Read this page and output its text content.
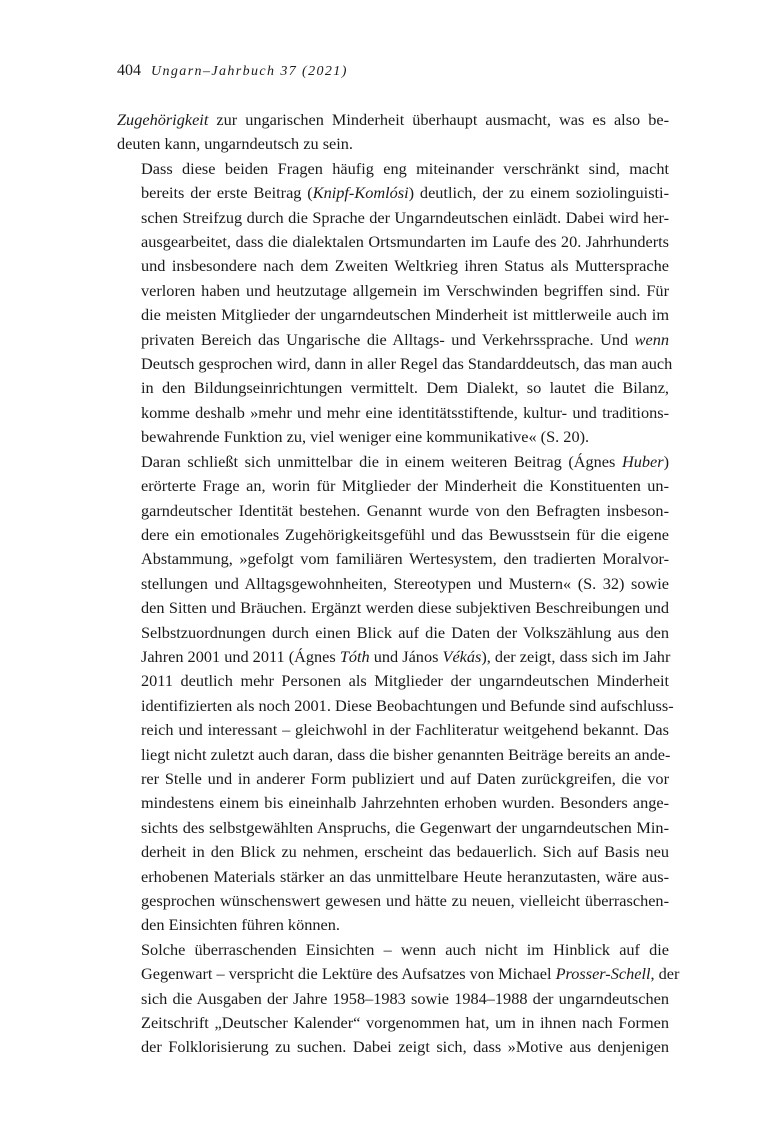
404 Ungarn–Jahrbuch 37 (2021)

Zugehörigkeit zur ungarischen Minderheit überhaupt ausmacht, was es also be-
deuten kann, ungarndeutsch zu sein.

Dass diese beiden Fragen häufig eng miteinander verschränkt sind, macht
bereits der erste Beitrag (Knipf-Komlósi) deutlich, der zu einem soziolinguisti-
schen Streifzug durch die Sprache der Ungarndeutschen einlädt. Dabei wird her-
ausgearbeitet, dass die dialektalen Ortsmundarten im Laufe des 20. Jahrhunderts
und insbesondere nach dem Zweiten Weltkrieg ihren Status als Muttersprache
verloren haben und heutzutage allgemein im Verschwinden begriffen sind. Für
die meisten Mitglieder der ungarndeutschen Minderheit ist mittlerweile auch im
privaten Bereich das Ungarische die Alltags- und Verkehrssprache. Und wenn
Deutsch gesprochen wird, dann in aller Regel das Standarddeutsch, das man auch
in den Bildungseinrichtungen vermittelt. Dem Dialekt, so lautet die Bilanz,
komme deshalb »mehr und mehr eine identitätsstiftende, kultur- und traditions-
bewahrende Funktion zu, viel weniger eine kommunikative« (S. 20).

Daran schließt sich unmittelbar die in einem weiteren Beitrag (Ágnes Huber)
erörterte Frage an, worin für Mitglieder der Minderheit die Konstituenten un-
garndeutscher Identität bestehen. Genannt wurde von den Befragten insbeson-
dere ein emotionales Zugehörigkeitsgefühl und das Bewusstsein für die eigene
Abstammung, »gefolgt vom familiären Wertesystem, den tradierten Moralvor-
stellungen und Alltagsgewohnheiten, Stereotypen und Mustern« (S. 32) sowie
den Sitten und Bräuchen. Ergänzt werden diese subjektiven Beschreibungen und
Selbstzuordnungen durch einen Blick auf die Daten der Volkszählung aus den
Jahren 2001 und 2011 (Ágnes Tóth und János Vékás), der zeigt, dass sich im Jahr
2011 deutlich mehr Personen als Mitglieder der ungarndeutschen Minderheit
identifizierten als noch 2001. Diese Beobachtungen und Befunde sind aufschluss-
reich und interessant – gleichwohl in der Fachliteratur weitgehend bekannt. Das
liegt nicht zuletzt auch daran, dass die bisher genannten Beiträge bereits an ande-
rer Stelle und in anderer Form publiziert und auf Daten zurückgreifen, die vor
mindestens einem bis eineinhalb Jahrzehnten erhoben wurden. Besonders ange-
sichts des selbstgewählten Anspruchs, die Gegenwart der ungarndeutschen Min-
derheit in den Blick zu nehmen, erscheint das bedauerlich. Sich auf Basis neu
erhobenen Materials stärker an das unmittelbare Heute heranzutasten, wäre aus-
gesprochen wünschenswert gewesen und hätte zu neuen, vielleicht überraschen-
den Einsichten führen können.

Solche überraschenden Einsichten – wenn auch nicht im Hinblick auf die
Gegenwart – verspricht die Lektüre des Aufsatzes von Michael Prosser-Schell, der
sich die Ausgaben der Jahre 1958–1983 sowie 1984–1988 der ungarndeutschen
Zeitschrift „Deutscher Kalender“ vorgenommen hat, um in ihnen nach Formen
der Folklorisierung zu suchen. Dabei zeigt sich, dass »Motive aus denjenigen
